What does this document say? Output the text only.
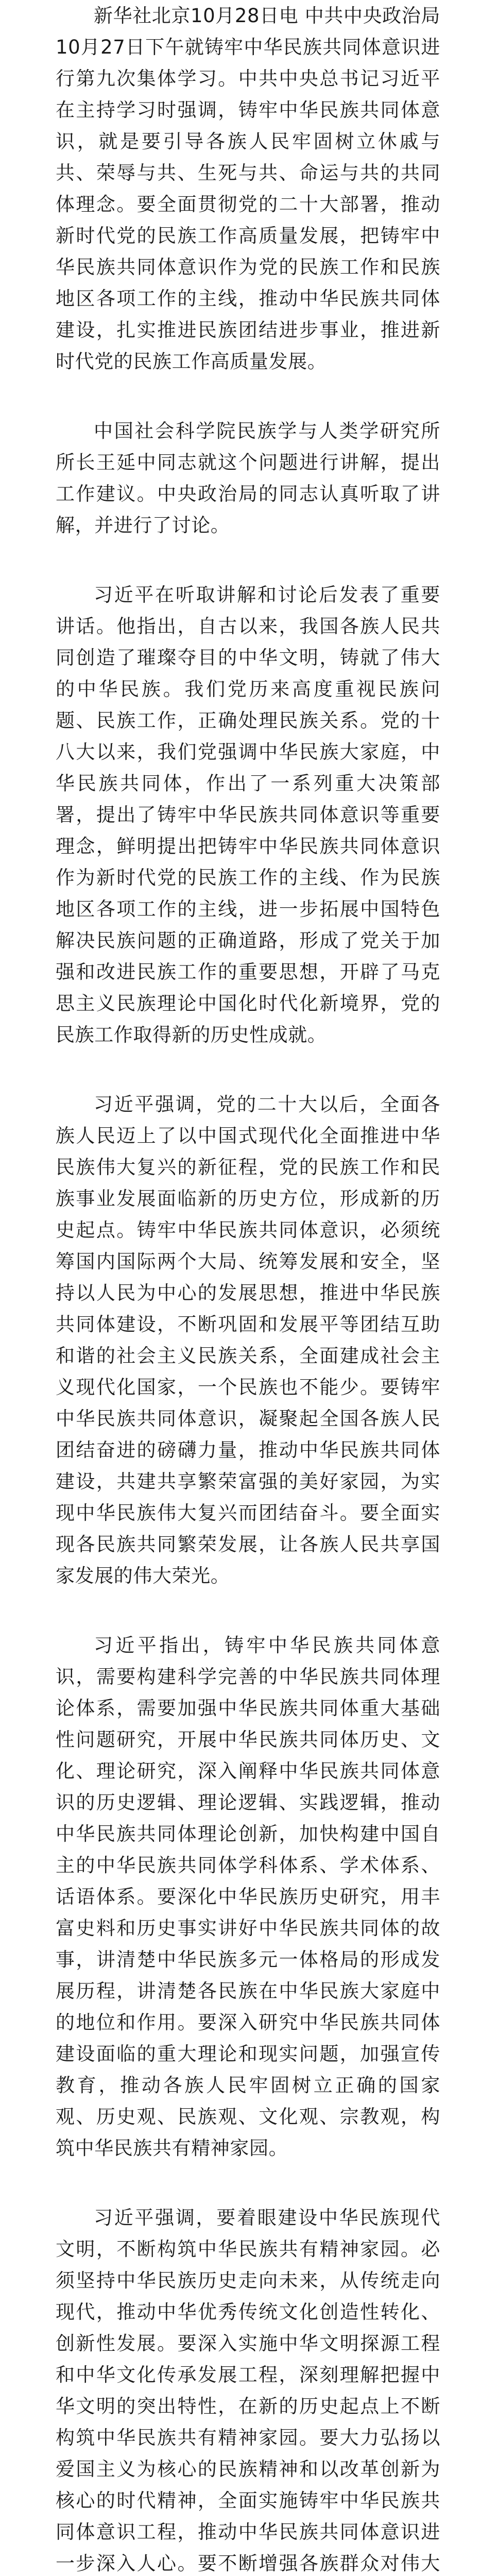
新华社北京10月28日电 中共中央政治局10月27日下午就铸牢中华民族共同体意识进行第九次集体学习。中共中央总书记习近平在主持学习时强调，铸牢中华民族共同体意识，就是要引导各族人民牢固树立休戚与共、荣辱与共、生死与共、命运与共的共同体理念。要全面贯彻党的二十大部署，推动新时代党的民族工作高质量发展，把铸牢中华民族共同体意识作为党的民族工作和民族地区各项工作的主线，推动中华民族共同体建设，扎实推进民族团结进步事业，推进新时代党的民族工作高质量发展。

中国社会科学院民族学与人类学研究所所长王延中同志就这个问题进行讲解，提出工作建议。中央政治局的同志认真听取了讲解，并进行了讨论。

习近平在听取讲解和讨论后发表了重要讲话。他指出，自古以来，我国各族人民共同创造了璀璨夺目的中华文明，铸就了伟大的中华民族。我们党历来高度重视民族问题、民族工作，正确处理民族关系。党的十八大以来，我们党强调中华民族大家庭，中华民族共同体，作出了一系列重大决策部署，提出了铸牢中华民族共同体意识等重要理念，鲜明提出把铸牢中华民族共同体意识作为新时代党的民族工作的主线、作为民族地区各项工作的主线，进一步拓展中国特色解决民族问题的正确道路，形成了党关于加强和改进民族工作的重要思想，开辟了马克思主义民族理论中国化时代化新境界，党的民族工作取得新的历史性成就。

习近平强调，党的二十大以后，全面各族人民迈上了以中国式现代化全面推进中华民族伟大复兴的新征程，党的民族工作和民族事业发展面临新的历史方位，形成新的历史起点。铸牢中华民族共同体意识，必须统筹国内国际两个大局、统筹发展和安全，坚持以人民为中心的发展思想，推进中华民族共同体建设，不断巩固和发展平等团结互助和谐的社会主义民族关系，全面建成社会主义现代化国家，一个民族也不能少。要铸牢中华民族共同体意识，凝聚起全国各族人民团结奋进的磅礴力量，推动中华民族共同体建设，共建共享繁荣富强的美好家园，为实现中华民族伟大复兴而团结奋斗。要全面实现各民族共同繁荣发展，让各族人民共享国家发展的伟大荣光。

习近平指出，铸牢中华民族共同体意识，需要构建科学完善的中华民族共同体理论体系，需要加强中华民族共同体重大基础性问题研究，开展中华民族共同体历史、文化、理论研究，深入阐释中华民族共同体意识的历史逻辑、理论逻辑、实践逻辑，推动中华民族共同体理论创新，加快构建中国自主的中华民族共同体学科体系、学术体系、话语体系。要深化中华民族历史研究，用丰富史料和历史事实讲好中华民族共同体的故事，讲清楚中华民族多元一体格局的形成发展历程，讲清楚各民族在中华民族大家庭中的地位和作用。要深入研究中华民族共同体建设面临的重大理论和现实问题，加强宣传教育，推动各族人民牢固树立正确的国家观、历史观、民族观、文化观、宗教观，构筑中华民族共有精神家园。

习近平强调，要着眼建设中华民族现代文明，不断构筑中华民族共有精神家园。必须坚持中华民族历史走向未来，从传统走向现代，推动中华优秀传统文化创造性转化、创新性发展。要深入实施中华文明探源工程和中华文化传承发展工程，深刻理解把握中华文明的突出特性，在新的历史起点上不断构筑中华民族共有精神家园。要大力弘扬以爱国主义为核心的民族精神和以改革创新为核心的时代精神，全面实施铸牢中华民族共同体意识工程，推动中华民族共同体意识进一步深入人心。要不断增强各族群众对伟大
